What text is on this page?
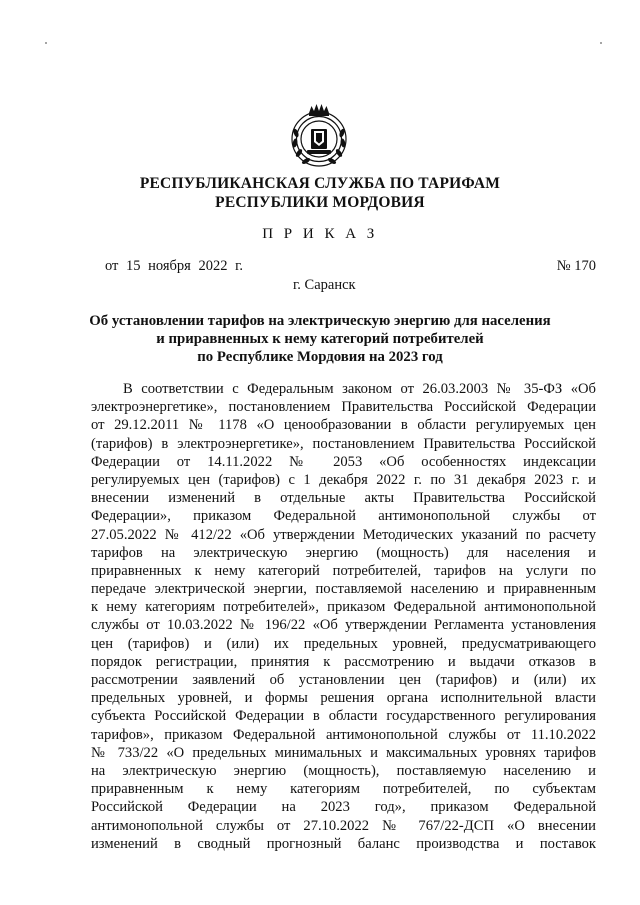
РЕСПУБЛИКАНСКАЯ СЛУЖБА ПО ТАРИФАМ
РЕСПУБЛИКИ МОРДОВИЯ
П Р И К А З
от 15 ноября 2022 г.	№ 170
г. Саранск
Об установлении тарифов на электрическую энергию для населения
и приравненных к нему категорий потребителей
по Республике Мордовия на 2023 год
В соответствии с Федеральным законом от 26.03.2003 № 35-ФЗ «Об
электроэнергетике», постановлением Правительства Российской Федерации
от 29.12.2011 № 1178 «О ценообразовании в области регулируемых цен
(тарифов) в электроэнергетике», постановлением Правительства Российской
Федерации от 14.11.2022 № 2053 «Об особенностях индексации
регулируемых цен (тарифов) с 1 декабря 2022 г. по 31 декабря 2023 г. и
внесении изменений в отдельные акты Правительства Российской
Федерации», приказом Федеральной антимонопольной службы от
27.05.2022 № 412/22 «Об утверждении Методических указаний по расчету
тарифов на электрическую энергию (мощность) для населения и
приравненных к нему категорий потребителей, тарифов на услуги по
передаче электрической энергии, поставляемой населению и приравненным
к нему категориям потребителей», приказом Федеральной антимонопольной
службы от 10.03.2022 № 196/22 «Об утверждении Регламента установления
цен (тарифов) и (или) их предельных уровней, предусматривающего
порядок регистрации, принятия к рассмотрению и выдачи отказов в
рассмотрении заявлений об установлении цен (тарифов) и (или) их
предельных уровней, и формы решения органа исполнительной власти
субъекта Российской Федерации в области государственного регулирования
тарифов», приказом Федеральной антимонопольной службы от 11.10.2022
№ 733/22 «О предельных минимальных и максимальных уровнях тарифов
на электрическую энергию (мощность), поставляемую населению и
приравненным к нему категориям потребителей, по субъектам
Российской Федерации на 2023 год», приказом Федеральной
антимонопольной службы от 27.10.2022 № 767/22-ДСП «О внесении
изменений в сводный прогнозный баланс производства и поставок
